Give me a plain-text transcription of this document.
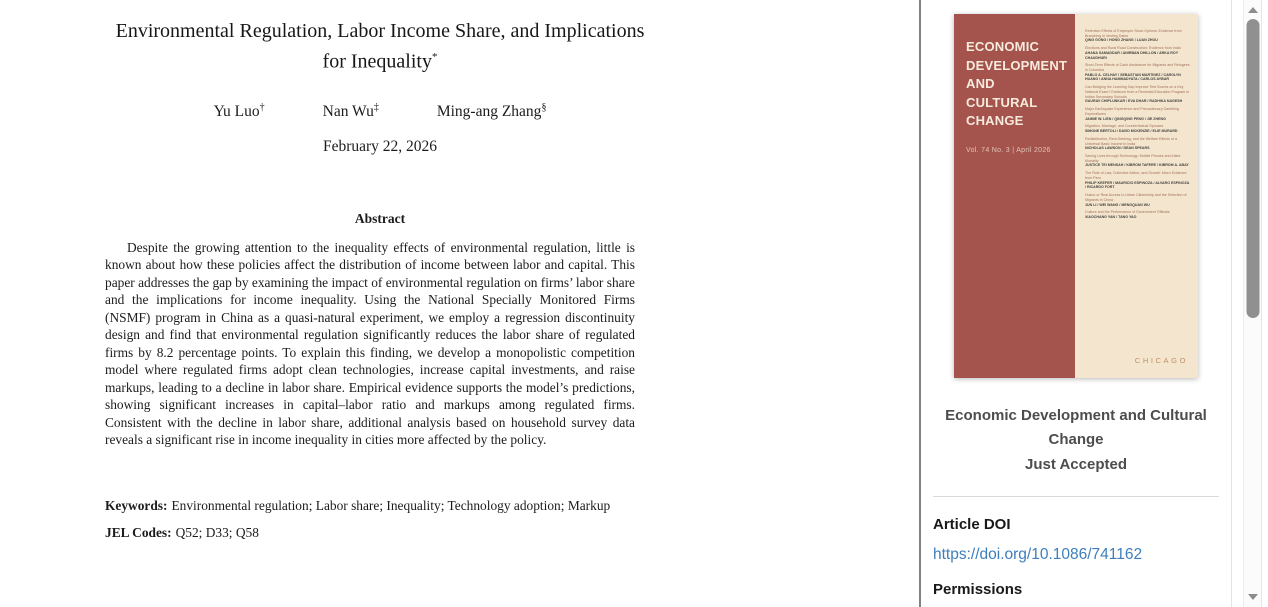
Environmental Regulation, Labor Income Share, and Implications for Inequality*
Yu Luo†	Nan Wu‡	Ming-ang Zhang§
February 22, 2026
Abstract

Despite the growing attention to the inequality effects of environmental regulation, little is known about how these policies affect the distribution of income between labor and capital. This paper addresses the gap by examining the impact of environmental regulation on firms’ labor share and the implications for income inequality. Using the National Specially Monitored Firms (NSMF) program in China as a quasi-natural experiment, we employ a regression discontinuity design and find that environmental regulation significantly reduces the labor share of regulated firms by 8.2 percentage points. To explain this finding, we develop a monopolistic competition model where regulated firms adopt clean technologies, increase capital investments, and raise markups, leading to a decline in labor share. Empirical evidence supports the model’s predictions, showing significant increases in capital–labor ratio and markups among regulated firms. Consistent with the decline in labor share, additional analysis based on household survey data reveals a significant rise in income inequality in cities more affected by the policy.

Keywords: Environmental regulation; Labor share; Inequality; Technology adoption; Markup

JEL Codes: Q52; D33; Q58

ECONOMIC DEVELOPMENT AND CULTURAL CHANGE
Vol. 74 No. 3 | April 2026
Retention Effects of Employee Stock Options: Evidence from Branching in Vesting Dates
QING GONG / HONG ZHANG / LUAN ZHOU
Elections and Rural Road Construction: Evidence from India
AHANA SAMADDAR / ANIRBAN DHILLON / ARKA ROY CHAUDHURI
Short-Term Effects of Cash Assistance for Migrants and Refugees in Colombia
PABLO A. CELHAY / SEBASTIAN MARTINEZ / CAROLYN HUANG / ANNA HAMMADYATA / CARLOS AYBAR
Can Bridging the Learning Gap Improve Test Scores on a Key National Exam? Evidence from a Remedial Education Program in Indian Secondary Schools
GAURAV CHIPLUNKAR / EVA DHAR / RADHIKA NAGESH
Major Earthquake Experience and Precautionary Gambling Expenditures
JAIMIE W. LIEN / QINGQING PENG / JIE ZHENG
Migration, Marriage, and Counterfactual Spouses
SIMONE BERTOLI / DAVID MCKENZIE / ELIE MURARD
Redistribution, Rent-Seeking, and the Welfare Effects of a Universal Basic Income in India
NICHOLAS LAWSON / DEAN SPEARS
Saving Lives through Technology: Mobile Phones and Infant Mortality
JUSTICE TEI MENSAH / KIBROM TAFERE / KIBROM A. ABAY
The Rule of Law, Collective Action, and Growth: Micro Evidence from Peru
PHILIP KEEFER / MAURICIO ESPINOZA / ALVARO ESPINOZA / RICARDO FORT
Hukou or Real Access to Urban Citizenship and the Selection of Migrants in China
JUN LI / WEI WANG / MENGQUAN WU
Culture and the Performance of Government Officials
XIAOCHANG YAN / TANG YAO
CHICAGO
Economic Development and Cultural Change
Just Accepted
Article DOI
https://doi.org/10.1086/741162
Permissions
